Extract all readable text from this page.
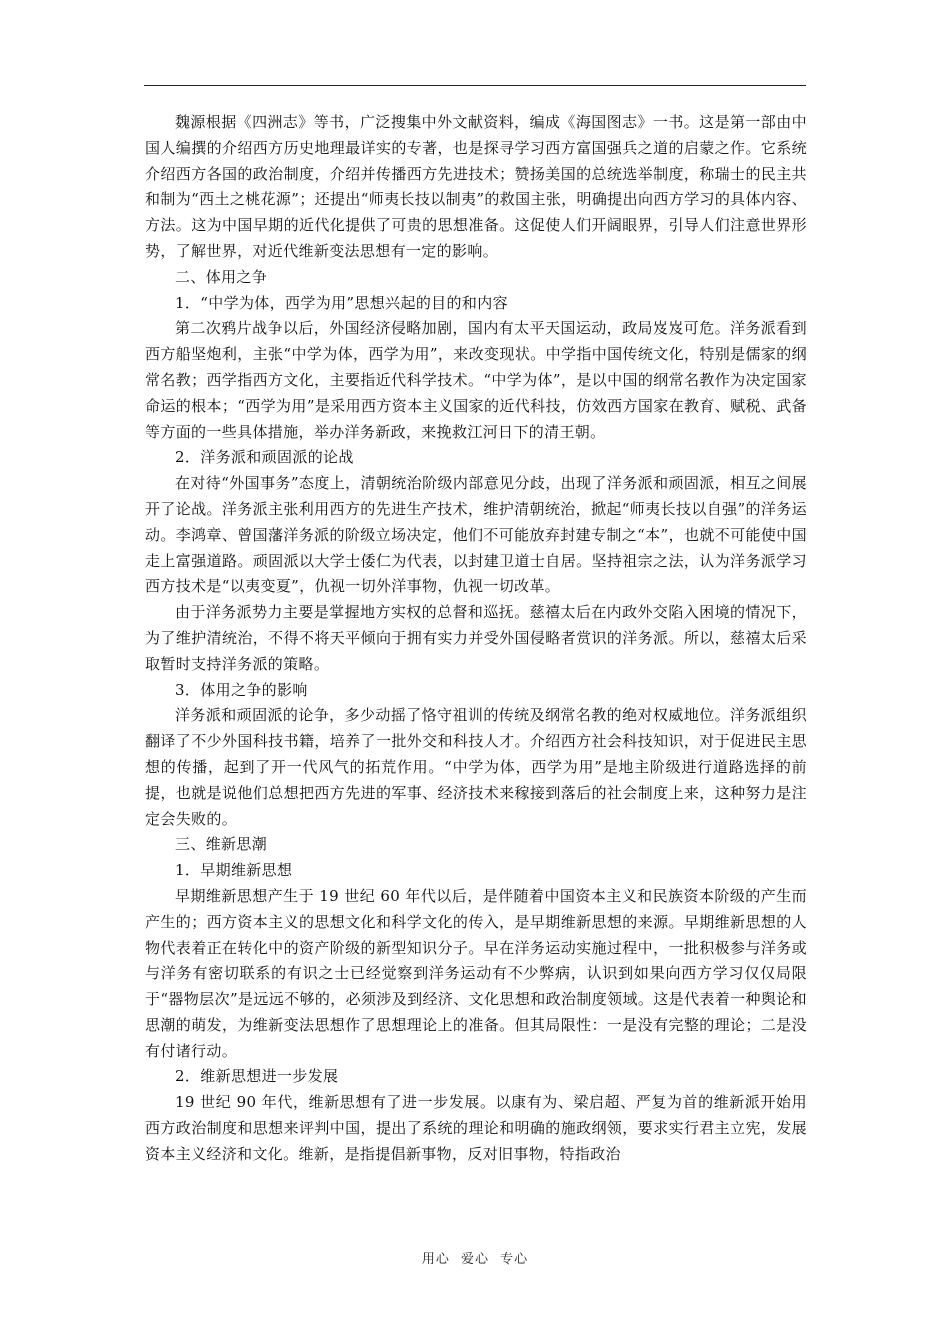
魏源根据《四洲志》等书，广泛搜集中外文献资料，编成《海国图志》一书。这是第一部由中国人编撰的介绍西方历史地理最详实的专著，也是探寻学习西方富国强兵之道的启蒙之作。它系统介绍西方各国的政治制度，介绍并传播西方先进技术；赞扬美国的总统选举制度，称瑞士的民主共和制为“西土之桃花源”；还提出“师夷长技以制夷”的救国主张，明确提出向西方学习的具体内容、方法。这为中国早期的近代化提供了可贵的思想准备。这促使人们开阔眼界，引导人们注意世界形势，了解世界，对近代维新变法思想有一定的影响。

二、体用之争

1．“中学为体，西学为用”思想兴起的目的和内容

第二次鸦片战争以后，外国经济侵略加剧，国内有太平天国运动，政局岌岌可危。洋务派看到西方船坚炮利，主张“中学为体，西学为用”，来改变现状。中学指中国传统文化，特别是儒家的纲常名教；西学指西方文化，主要指近代科学技术。“中学为体”，是以中国的纲常名教作为决定国家命运的根本；“西学为用”是采用西方资本主义国家的近代科技，仿效西方国家在教育、赋税、武备等方面的一些具体措施，举办洋务新政，来挽救江河日下的清王朝。

2．洋务派和顽固派的论战

在对待“外国事务”态度上，清朝统治阶级内部意见分歧，出现了洋务派和顽固派，相互之间展开了论战。洋务派主张利用西方的先进生产技术，维护清朝统治，掀起“师夷长技以自强”的洋务运动。李鸿章、曾国藩洋务派的阶级立场决定，他们不可能放弃封建专制之“本”，也就不可能使中国走上富强道路。顽固派以大学士倭仁为代表，以封建卫道士自居。坚持祖宗之法，认为洋务派学习西方技术是“以夷变夏”，仇视一切外洋事物，仇视一切改革。

由于洋务派势力主要是掌握地方实权的总督和巡抚。慈禧太后在内政外交陷入困境的情况下，为了维护清统治，不得不将天平倾向于拥有实力并受外国侵略者赏识的洋务派。所以，慈禧太后采取暂时支持洋务派的策略。

3．体用之争的影响

洋务派和顽固派的论争，多少动摇了恪守祖训的传统及纲常名教的绝对权威地位。洋务派组织翻译了不少外国科技书籍，培养了一批外交和科技人才。介绍西方社会科技知识，对于促进民主思想的传播，起到了开一代风气的拓荒作用。“中学为体，西学为用”是地主阶级进行道路选择的前提，也就是说他们总想把西方先进的军事、经济技术来稼接到落后的社会制度上来，这种努力是注定会失败的。

三、维新思潮

1．早期维新思想

早期维新思想产生于 19 世纪 60 年代以后，是伴随着中国资本主义和民族资本阶级的产生而产生的；西方资本主义的思想文化和科学文化的传入，是早期维新思想的来源。早期维新思想的人物代表着正在转化中的资产阶级的新型知识分子。早在洋务运动实施过程中，一批积极参与洋务或与洋务有密切联系的有识之士已经觉察到洋务运动有不少弊病，认识到如果向西方学习仅仅局限于“器物层次”是远远不够的，必须涉及到经济、文化思想和政治制度领域。这是代表着一种舆论和思潮的萌发，为维新变法思想作了思想理论上的准备。但其局限性：一是没有完整的理论；二是没有付诸行动。

2．维新思想进一步发展

19 世纪 90 年代，维新思想有了进一步发展。以康有为、梁启超、严复为首的维新派开始用西方政治制度和思想来评判中国，提出了系统的理论和明确的施政纲领，要求实行君主立宪，发展资本主义经济和文化。维新，是指提倡新事物，反对旧事物，特指政治

用心 爱心 专心
